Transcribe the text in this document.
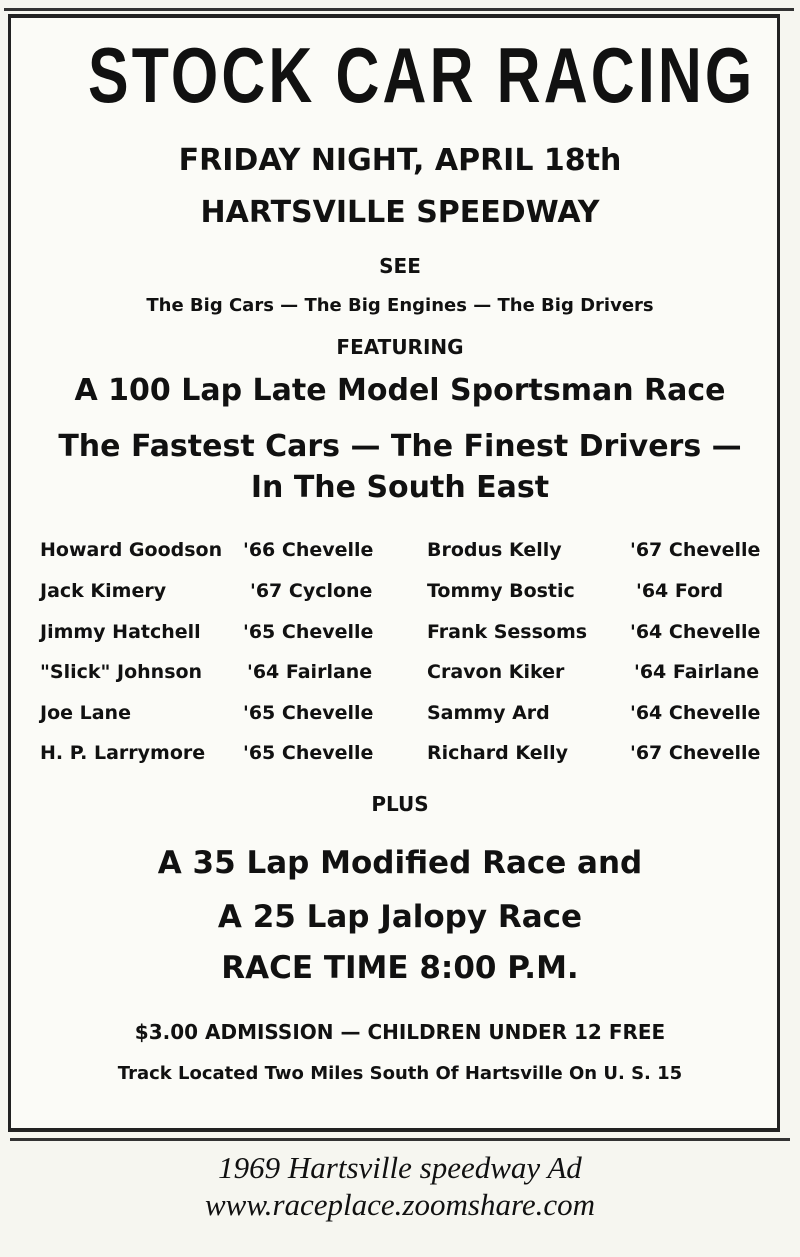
STOCK CAR RACING
FRIDAY NIGHT, APRIL 18th
HARTSVILLE SPEEDWAY
SEE
The Big Cars — The Big Engines — The Big Drivers
FEATURING
A 100 Lap Late Model Sportsman Race
The Fastest Cars — The Finest Drivers —
In The South East
Howard Goodson '66 Chevelle	Brodus Kelly	'67 Chevelle
Jack Kimery	'67 Cyclone	Tommy Bostic	'64 Ford
Jimmy Hatchell '65 Chevelle	Frank Sessoms '64 Chevelle
"Slick" Johnson '64 Fairlane	Cravon Kiker	'64 Fairlane
Joe Lane	'65 Chevelle	Sammy Ard	'64 Chevelle
H. P. Larrymore '65 Chevelle	Richard Kelly	'67 Chevelle
PLUS
A 35 Lap Modified Race and
A 25 Lap Jalopy Race
RACE TIME 8:00 P.M.
$3.00 ADMISSION — CHILDREN UNDER 12 FREE
Track Located Two Miles South Of Hartsville On U. S. 15
1969 Hartsville speedway Ad
www.raceplace.zoomshare.com
